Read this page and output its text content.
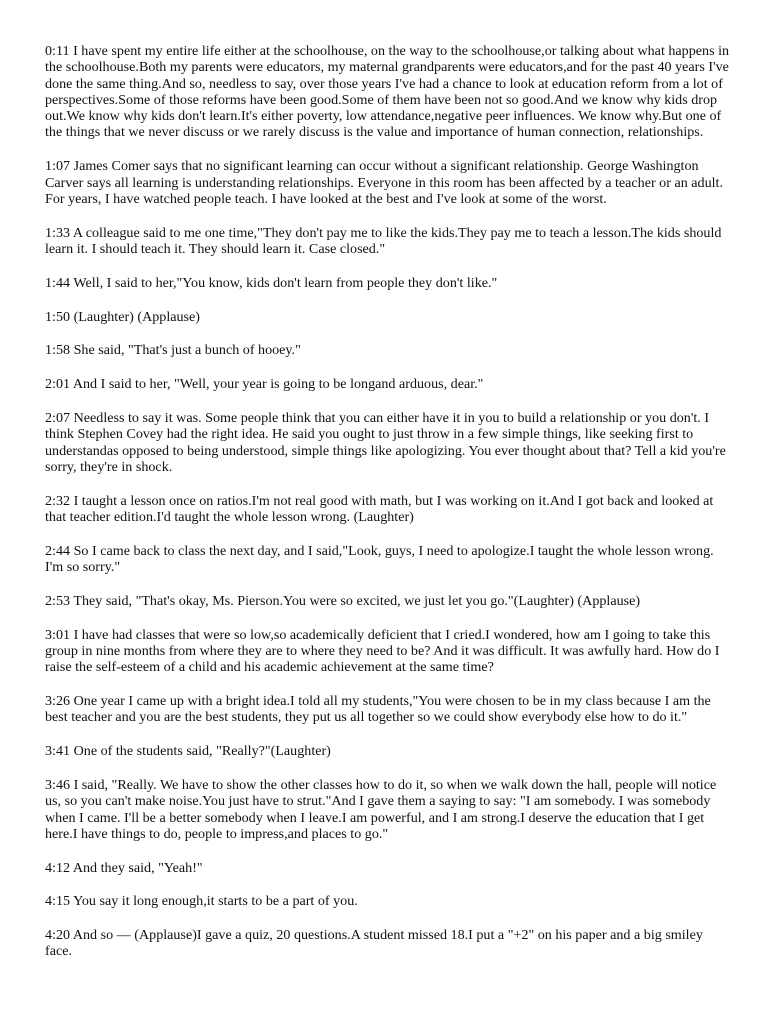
0:11 I have spent my entire life either at the schoolhouse, on the way to the schoolhouse,or talking about what happens in the schoolhouse.Both my parents were educators, my maternal grandparents were educators,and for the past 40 years I've done the same thing.And so, needless to say, over those years I've had a chance to look at education reform from a lot of perspectives.Some of those reforms have been good.Some of them have been not so good.And we know why kids drop out.We know why kids don't learn.It's either poverty, low attendance,negative peer influences. We know why.But one of the things that we never discuss or we rarely discuss is the value and importance of human connection, relationships.

1:07 James Comer says that no significant learning can occur without a significant relationship. George Washington Carver says all learning is understanding relationships. Everyone in this room has been affected by a teacher or an adult. For years, I have watched people teach. I have looked at the best and I've look at some of the worst.

1:33 A colleague said to me one time,"They don't pay me to like the kids.They pay me to teach a lesson.The kids should learn it. I should teach it. They should learn it. Case closed."

1:44 Well, I said to her,"You know, kids don't learn from people they don't like."

1:50 (Laughter) (Applause)

1:58 She said, "That's just a bunch of hooey."

2:01 And I said to her, "Well, your year is going to be longand arduous, dear."

2:07 Needless to say it was. Some people think that you can either have it in you to build a relationship or you don't. I think Stephen Covey had the right idea. He said you ought to just throw in a few simple things, like seeking first to understandas opposed to being understood, simple things like apologizing. You ever thought about that? Tell a kid you're sorry, they're in shock.

2:32 I taught a lesson once on ratios.I'm not real good with math, but I was working on it.And I got back and looked at that teacher edition.I'd taught the whole lesson wrong. (Laughter)

2:44 So I came back to class the next day, and I said,"Look, guys, I need to apologize.I taught the whole lesson wrong. I'm so sorry."

2:53 They said, "That's okay, Ms. Pierson.You were so excited, we just let you go."(Laughter) (Applause)

3:01 I have had classes that were so low,so academically deficient that I cried.I wondered, how am I going to take this group in nine months from where they are to where they need to be? And it was difficult. It was awfully hard. How do I raise the self-esteem of a child and his academic achievement at the same time?

3:26 One year I came up with a bright idea.I told all my students,"You were chosen to be in my class because I am the best teacher and you are the best students, they put us all together so we could show everybody else how to do it."

3:41 One of the students said, "Really?"(Laughter)

3:46 I said, "Really. We have to show the other classes how to do it, so when we walk down the hall, people will notice us, so you can't make noise.You just have to strut."And I gave them a saying to say: "I am somebody. I was somebody when I came. I'll be a better somebody when I leave.I am powerful, and I am strong.I deserve the education that I get here.I have things to do, people to impress,and places to go."

4:12 And they said, "Yeah!"

4:15 You say it long enough,it starts to be a part of you.

4:20 And so — (Applause)I gave a quiz, 20 questions.A student missed 18.I put a "+2" on his paper and a big smiley face.
